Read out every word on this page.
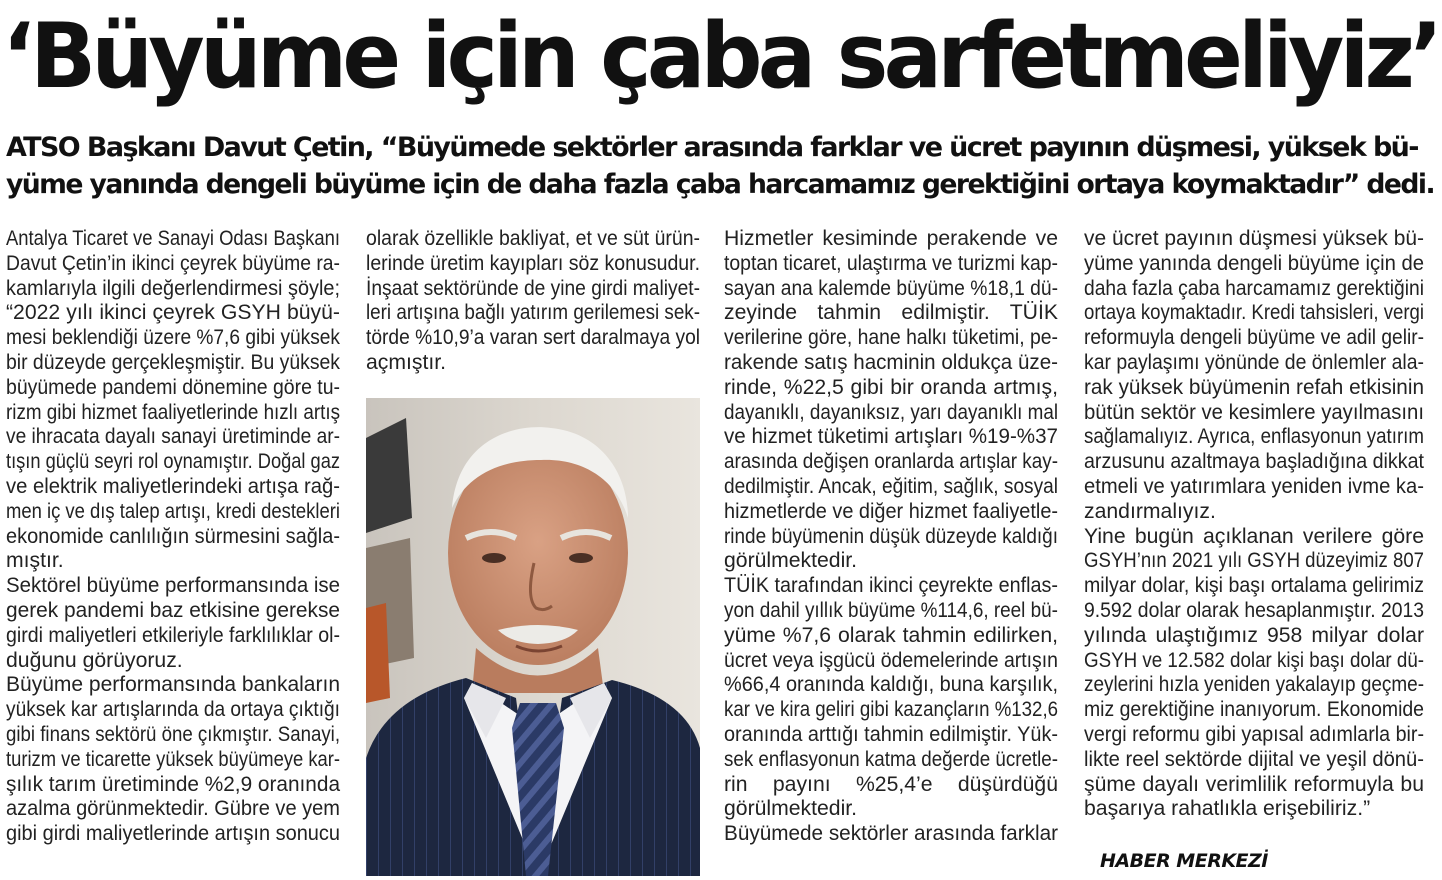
‘Büyüme için çaba sarfetmeliyiz’
ATSO Başkanı Davut Çetin, “Büyümede sektörler arasında farklar ve ücret payının düşmesi, yüksek bü-
yüme yanında dengeli büyüme için de daha fazla çaba harcamamız gerektiğini ortaya koymaktadır” dedi.
Antalya Ticaret ve Sanayi Odası Başkanı
Davut Çetin’in ikinci çeyrek büyüme ra-
kamlarıyla ilgili değerlendirmesi şöyle;
“2022 yılı ikinci çeyrek GSYH büyü-
mesi beklendiği üzere %7,6 gibi yüksek
bir düzeyde gerçekleşmiştir. Bu yüksek
büyümede pandemi döneminе göre tu-
rizm gibi hizmet faaliyetlerinde hızlı artış
ve ihracata dayalı sanayi üretiminde ar-
tışın güçlü seyri rol oynamıştır. Doğal gaz
ve elektrik maliyetlerindeki artışa rağ-
men iç ve dış talep artışı, kredi destekleri
ekonomide canlılığın sürmesini sağla-
mıştır.
Sektörel büyüme performansında ise
gerek pandemi baz etkisine gerekse
girdi maliyetleri etkileriyle farklılıklar ol-
duğunu görüyoruz.
Büyüme performansında bankaların
yüksek kar artışlarında da ortaya çıktığı
gibi finans sektörü öne çıkmıştır. Sanayi,
turizm ve ticarette yüksek büyümeye kar-
şılık tarım üretiminde %2,9 oranında
azalma görünmektedir. Gübre ve yem
gibi girdi maliyetlerinde artışın sonucu
olarak özellikle bakliyat, et ve süt ürün-
lerinde üretim kayıpları söz konusudur.
İnşaat sektöründe de yine girdi maliyet-
leri artışına bağlı yatırım gerilemesi sek-
törde %10,9’a varan sert daralmaya yol
açmıştır.
Hizmetler kesiminde perakende ve
toptan ticaret, ulaştırma ve turizmi kap-
sayan ana kalemde büyüme %18,1 dü-
zeyinde tahmin edilmiştir. TÜİK
verilerine göre, hane halkı tüketimi, pe-
rakende satış hacminin oldukça üze-
rinde, %22,5 gibi bir oranda artmış,
dayanıklı, dayanıksız, yarı dayanıklı mal
ve hizmet tüketimi artışları %19-%37
arasında değişen oranlarda artışlar kay-
dedilmiştir. Ancak, eğitim, sağlık, sosyal
hizmetlerde ve diğer hizmet faaliyetle-
rinde büyümenin düşük düzeyde kaldığı
görülmektedir.
TÜİK tarafından ikinci çeyrekte enflas-
yon dahil yıllık büyüme %114,6, reel bü-
yüme %7,6 olarak tahmin edilirken,
ücret veya işgücü ödemelerinde artışın
%66,4 oranında kaldığı, buna karşılık,
kar ve kira geliri gibi kazançların %132,6
oranında arttığı tahmin edilmiştir. Yük-
sek enflasyonun katma değerde ücretle-
rin payını %25,4’e düşürdüğü
görülmektedir.
Büyümede sektörler arasında farklar
ve ücret payının düşmesi yüksek bü-
yüme yanında dengeli büyüme için de
daha fazla çaba harcamamız gerektiğini
ortaya koymaktadır. Kredi tahsisleri, vergi
reformuyla dengeli büyüme ve adil gelir-
kar paylaşımı yönünde de önlemler ala-
rak yüksek büyümenin refah etkisinin
bütün sektör ve kesimlere yayılmasını
sağlamalıyız. Ayrıca, enflasyonun yatırım
arzusunu azaltmaya başladığına dikkat
etmeli ve yatırımlara yeniden ivme ka-
zandırmalıyız.
Yine bugün açıklanan verilere göre
GSYH’nın 2021 yılı GSYH düzeyimiz 807
milyar dolar, kişi başı ortalama gelirimiz
9.592 dolar olarak hesaplanmıştır. 2013
yılında ulaştığımız 958 milyar dolar
GSYH ve 12.582 dolar kişi başı dolar dü-
zeylerini hızla yeniden yakalayıp geçme-
miz gerektiğine inanıyorum. Ekonomide
vergi reformu gibi yapısal adımlarla bir-
likte reel sektörde dijital ve yeşil dönü-
şüme dayalı verimlilik reformuyla bu
başarıya rahatlıkla erişebiliriz.”
HABER MERKEZİ
